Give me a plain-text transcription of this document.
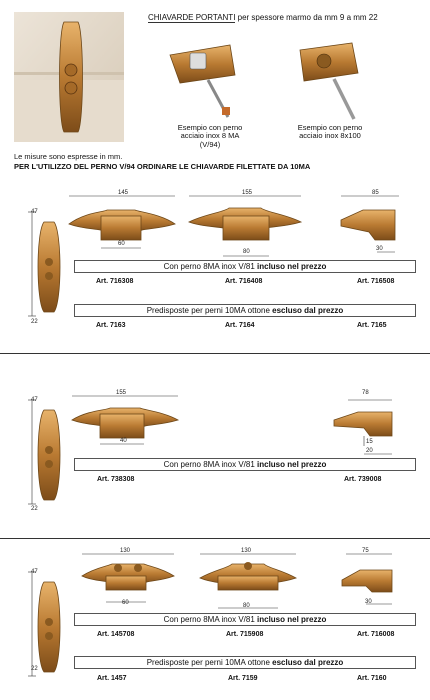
CHIAVARDE PORTANTI per spessore marmo da mm 9 a mm 22
Esempio con perno
acciaio inox 8 MA (V/94)
Esempio con perno
acciaio inox 8x100
Le misure sono espresse in mm.
PER L'UTILIZZO DEL PERNO V/94 ORDINARE LE CHIAVARDE FILETTATE DA 10MA
47
22
145
60
155
80
85
30
Con perno 8MA inox V/81 incluso nel prezzo
Art. 716308	Art. 716408	Art. 716508
Predisposte per perni 10MA ottone escluso dal prezzo
Art. 7163	Art. 7164	Art. 7165
47
22
155
40
78
15
20
Con perno 8MA inox V/81 incluso nel prezzo
Art. 738308	Art. 739008
47
22
130
60
130
80
75
30
Con perno 8MA inox V/81 incluso nel prezzo
Art. 145708	Art. 715908	Art. 716008
Predisposte per perni 10MA ottone escluso dal prezzo
Art. 1457	Art. 7159	Art. 7160
